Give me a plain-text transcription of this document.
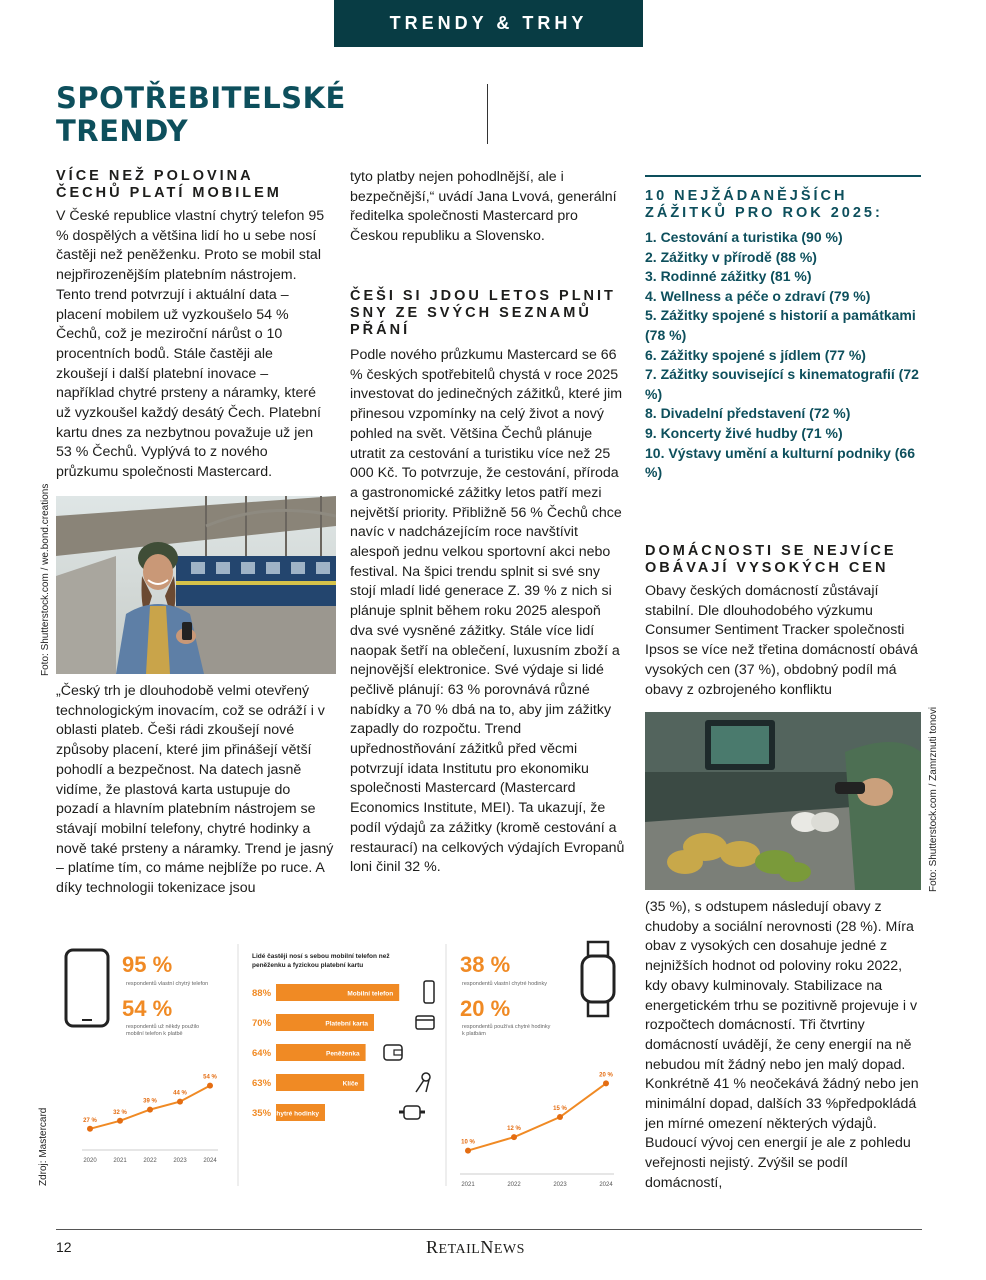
TRENDY & TRHY
SPOTŘEBITELSKÉ
TRENDY
VÍCE NEŽ POLOVINA ČECHŮ PLATÍ MOBILEM
V České republice vlastní chytrý telefon 95 % dospělých a většina lidí ho u sebe nosí častěji než peněženku. Proto se mobil stal nejpřirozenějším platebním nástrojem. Tento trend potvrzují i aktuální data – placení mobilem už vyzkoušelo 54 % Čechů, což je meziroční nárůst o 10 procentních bodů. Stále častěji ale zkoušejí i další platební inovace – například chytré prsteny a náramky, které už vyzkoušel každý desátý Čech. Platební kartu dnes za nezbytnou považuje už jen 53 % Čechů. Vyplývá to z nového průzkumu společnosti Mastercard.
Foto: Shutterstock.com / we.bond.creations
„Český trh je dlouhodobě velmi otevřený technologickým inovacím, což se odráží i v oblasti plateb. Češi rádi zkoušejí nové způsoby placení, které jim přinášejí větší pohodlí a bezpečnost. Na datech jasně vidíme, že plastová karta ustupuje do pozadí a hlavním platebním nástrojem se stávají mobilní telefony, chytré hodinky a nově také prsteny a náramky. Trend je jasný – platíme tím, co máme nejblíže po ruce. A díky technologii tokenizace jsou
tyto platby nejen pohodlnější, ale i bezpečnější,“ uvádí Jana Lvová, generální ředitelka společnosti Mastercard pro Českou republiku a Slovensko.
ČEŠI SI JDOU LETOS PLNIT SNY ZE SVÝCH SEZNAMŮ PŘÁNÍ
Podle nového průzkumu Mastercard se 66 % českých spotřebitelů chystá v roce 2025 investovat do jedinečných zážitků, které jim přinesou vzpomínky na celý život a nový pohled na svět. Většina Čechů plánuje utratit za cestování a turistiku více než 25 000 Kč. To potvrzuje, že cestování, příroda a gastronomické zážitky letos patří mezi největší priority. Přibližně 56 % Čechů chce navíc v nadcházejícím roce navštívit alespoň jednu velkou sportovní akci nebo festival. Na špici trendu splnit si své sny stojí mladí lidé generace Z. 39 % z nich si plánuje splnit během roku 2025 alespoň dva své vysněné zážitky. Stále více lidí naopak šetří na oblečení, luxusním zboží a nejnovější elektronice. Své výdaje si lidé pečlivě plánují: 63 % porovnává různé nabídky a 70 % dbá na to, aby jim zážitky zapadly do rozpočtu. Trend upřednostňování zážitků před věcmi potvrzují idata Institutu pro ekonomiku společnosti Mastercard (Mastercard Economics Institute, MEI). Ta ukazují, že podíl výdajů za zážitky (kromě cestování a restaurací) na celkových výdajích Evropanů loni činil 32 %.
10 NEJŽÁDANĚJŠÍCH ZÁŽITKŮ PRO ROK 2025:
1. Cestování a turistika (90 %)
2. Zážitky v přírodě (88 %)
3. Rodinné zážitky (81 %)
4. Wellness a péče o zdraví (79 %)
5. Zážitky spojené s historií a památkami (78 %)
6. Zážitky spojené s jídlem (77 %)
7. Zážitky související s kinematografií (72 %)
8. Divadelní představení (72 %)
9. Koncerty živé hudby (71 %)
10. Výstavy umění a kulturní podniky (66 %)
DOMÁCNOSTI SE NEJVÍCE OBÁVAJÍ VYSOKÝCH CEN
Obavy českých domácností zůstávají stabilní. Dle dlouhodobého výzkumu Consumer Sentiment Tracker společnosti Ipsos se více než třetina domácností obává vysokých cen (37 %), obdobný podíl má obavy z ozbrojeného konfliktu
Foto: Shutterstock.com / Zamrznuti tonovi
(35 %), s odstupem následují obavy z chudoby a sociální nerovnosti (28 %). Míra obav z vysokých cen dosahuje jedné z nejnižších hodnot od poloviny roku 2022, kdy obavy kulminovaly. Stabilizace na energetickém trhu se pozitivně projevuje i v rozpočtech domácností. Tři čtvrtiny domácností uvádějí, že ceny energií na ně nebudou mít žádný nebo jen malý dopad. Konkrétně 41 % neočekává žádný nebo jen minimální dopad, dalších 33 %předpokládá jen mírné omezení některých výdajů. Budoucí vývoj cen energií je ale z pohledu veřejnosti nejistý. Zvýšil se podíl domácností,
Zdroj: Mastercard
95 %
respondentů vlastní chytrý telefon
54 %
respondentů už někdy použilo
mobilní telefon k platbě
27 %
2020
32 %
2021
39 %
2022
44 %
2023
54 %
2024
Lidé častěji nosí s sebou mobilní telefon než
peněženku a fyzickou platební kartu
88%	Mobilní telefon
70%	Platební karta
64%	Peněženka
63%	Klíče
35% Chytré hodinky
38 %
respondentů vlastní chytré hodinky
20 %
respondentů používá chytré hodinky
k platbám
10 %
2021
12 %
2022
15 %
2023
20 %
2024
12	RETAILNEWS
